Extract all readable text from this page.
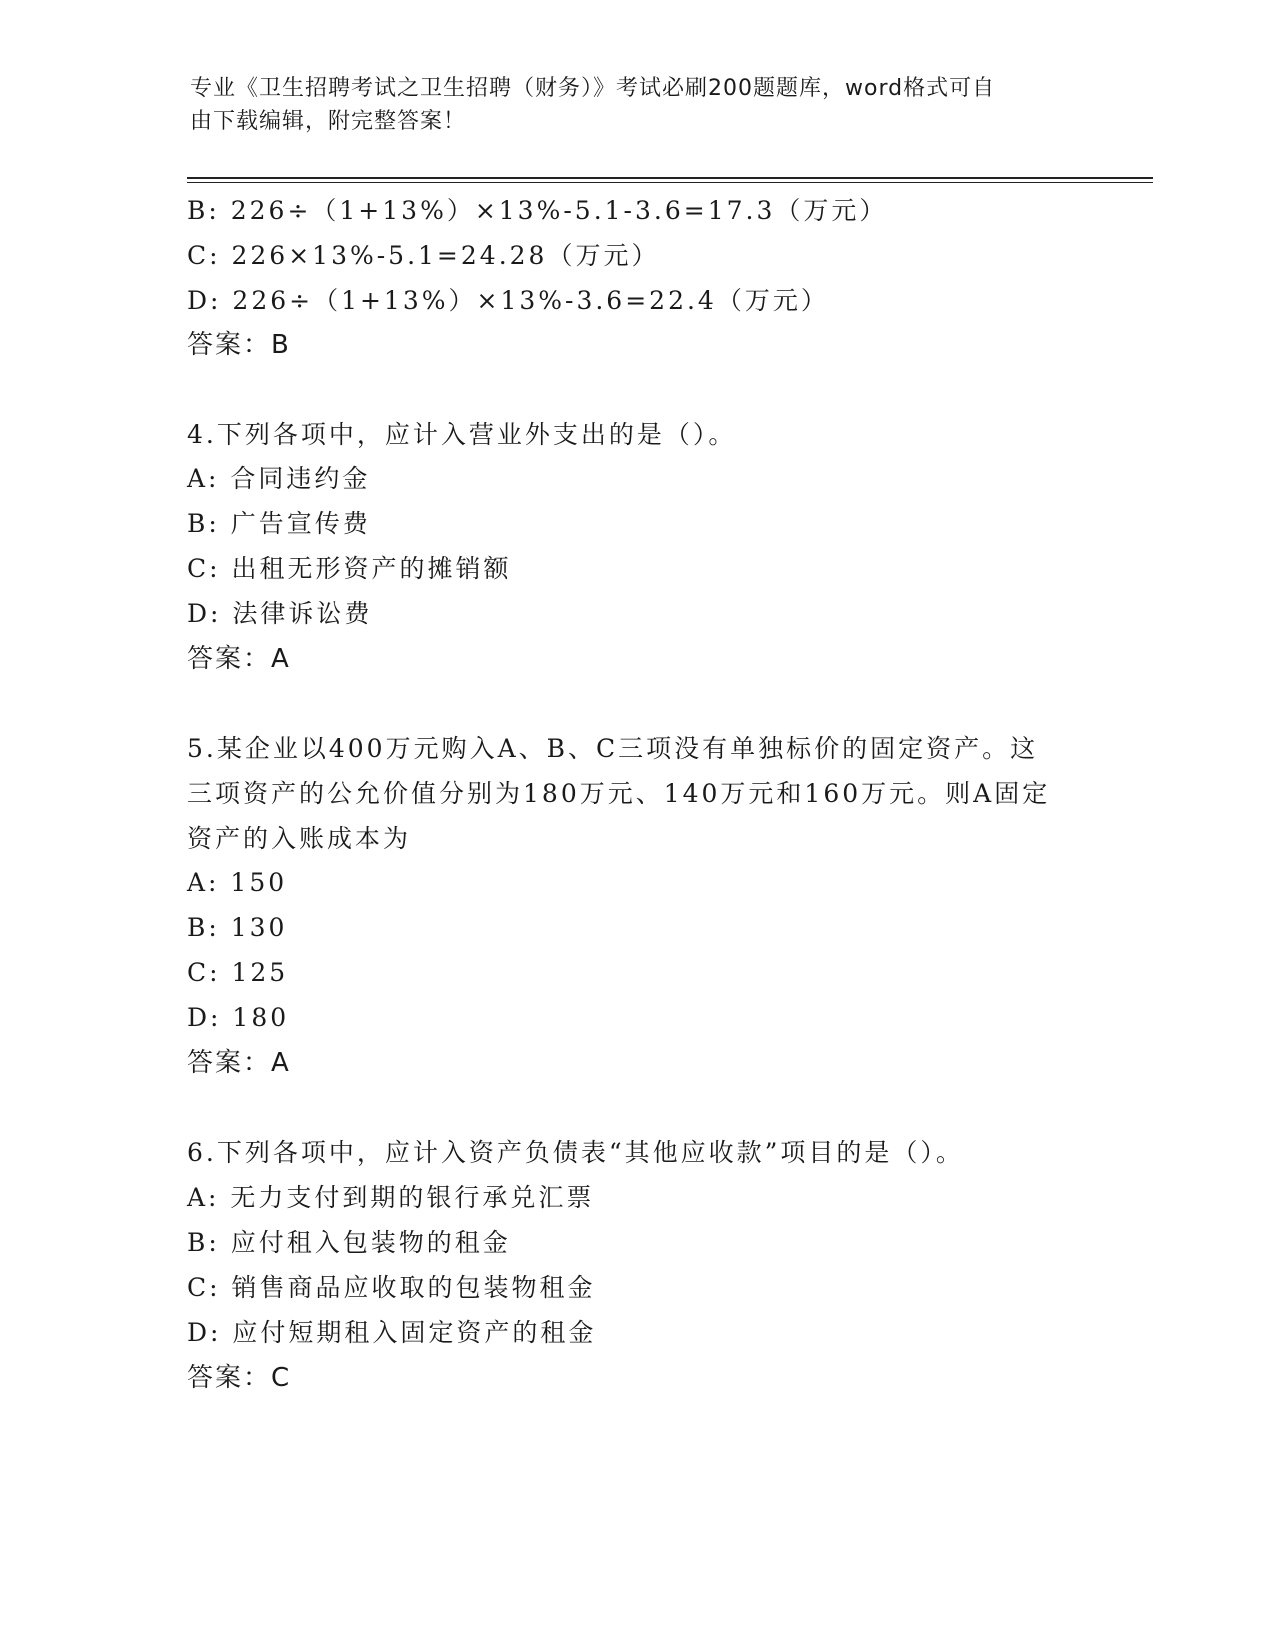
专业《卫生招聘考试之卫生招聘（财务）》考试必刷200题题库，word格式可自
由下载编辑，附完整答案！
B: 226÷（1+13%）×13%-5.1-3.6=17.3（万元）
C: 226×13%-5.1=24.28（万元）
D: 226÷（1+13%）×13%-3.6=22.4（万元）
答案：B
4.下列各项中，应计入营业外支出的是（）。
A: 合同违约金
B: 广告宣传费
C: 出租无形资产的摊销额
D: 法律诉讼费
答案：A
5.某企业以400万元购入A、B、C三项没有单独标价的固定资产。这
三项资产的公允价值分别为180万元、140万元和160万元。则A固定
资产的入账成本为
A: 150
B: 130
C: 125
D: 180
答案：A
6.下列各项中，应计入资产负债表“其他应收款”项目的是（）。
A: 无力支付到期的银行承兑汇票
B: 应付租入包装物的租金
C: 销售商品应收取的包装物租金
D: 应付短期租入固定资产的租金
答案：C
